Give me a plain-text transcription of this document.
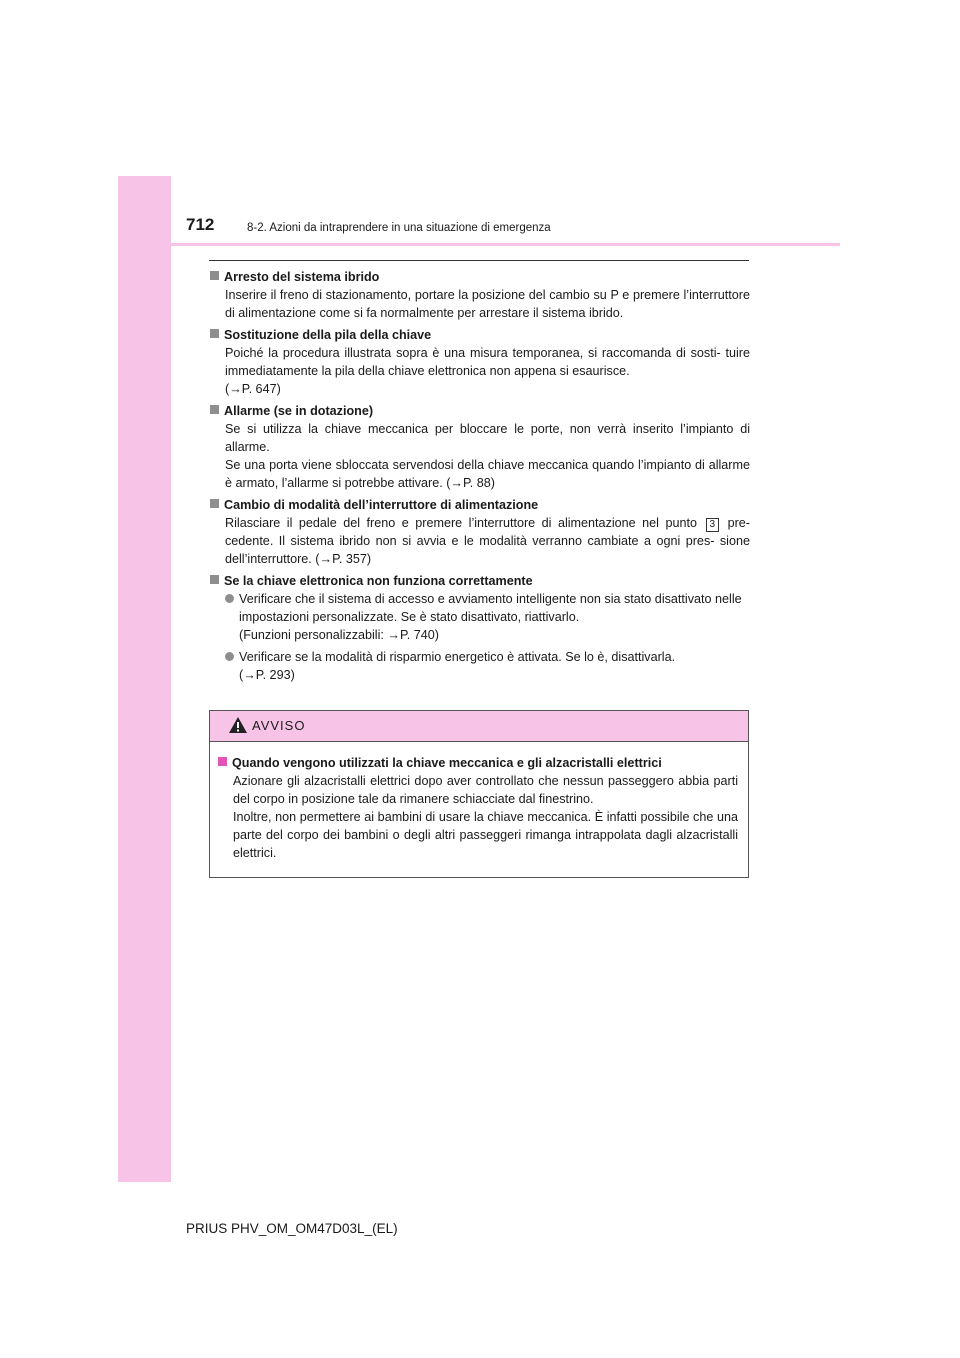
712	8-2. Azioni da intraprendere in una situazione di emergenza
Arresto del sistema ibrido
Inserire il freno di stazionamento, portare la posizione del cambio su P e premere l’interruttore di alimentazione come si fa normalmente per arrestare il sistema ibrido.
Sostituzione della pila della chiave
Poiché la procedura illustrata sopra è una misura temporanea, si raccomanda di sosti- tuire immediatamente la pila della chiave elettronica non appena si esaurisce.
(→P. 647)
Allarme (se in dotazione)
Se si utilizza la chiave meccanica per bloccare le porte, non verrà inserito l’impianto di allarme.
Se una porta viene sbloccata servendosi della chiave meccanica quando l’impianto di allarme è armato, l’allarme si potrebbe attivare. (→P. 88)
Cambio di modalità dell’interruttore di alimentazione
Rilasciare il pedale del freno e premere l’interruttore di alimentazione nel punto 3 pre- cedente. Il sistema ibrido non si avvia e le modalità verranno cambiate a ogni pres- sione dell’interruttore. (→P. 357)
Se la chiave elettronica non funziona correttamente
Verificare che il sistema di accesso e avviamento intelligente non sia stato disattivato nelle impostazioni personalizzate. Se è stato disattivato, riattivarlo.
(Funzioni personalizzabili: →P. 740)
Verificare se la modalità di risparmio energetico è attivata. Se lo è, disattivarla.
(→P. 293)
AVVISO
Quando vengono utilizzati la chiave meccanica e gli alzacristalli elettrici
Azionare gli alzacristalli elettrici dopo aver controllato che nessun passeggero abbia parti del corpo in posizione tale da rimanere schiacciate dal finestrino.
Inoltre, non permettere ai bambini di usare la chiave meccanica. È infatti possibile che una parte del corpo dei bambini o degli altri passeggeri rimanga intrappolata dagli alzacristalli elettrici.
PRIUS PHV_OM_OM47D03L_(EL)
